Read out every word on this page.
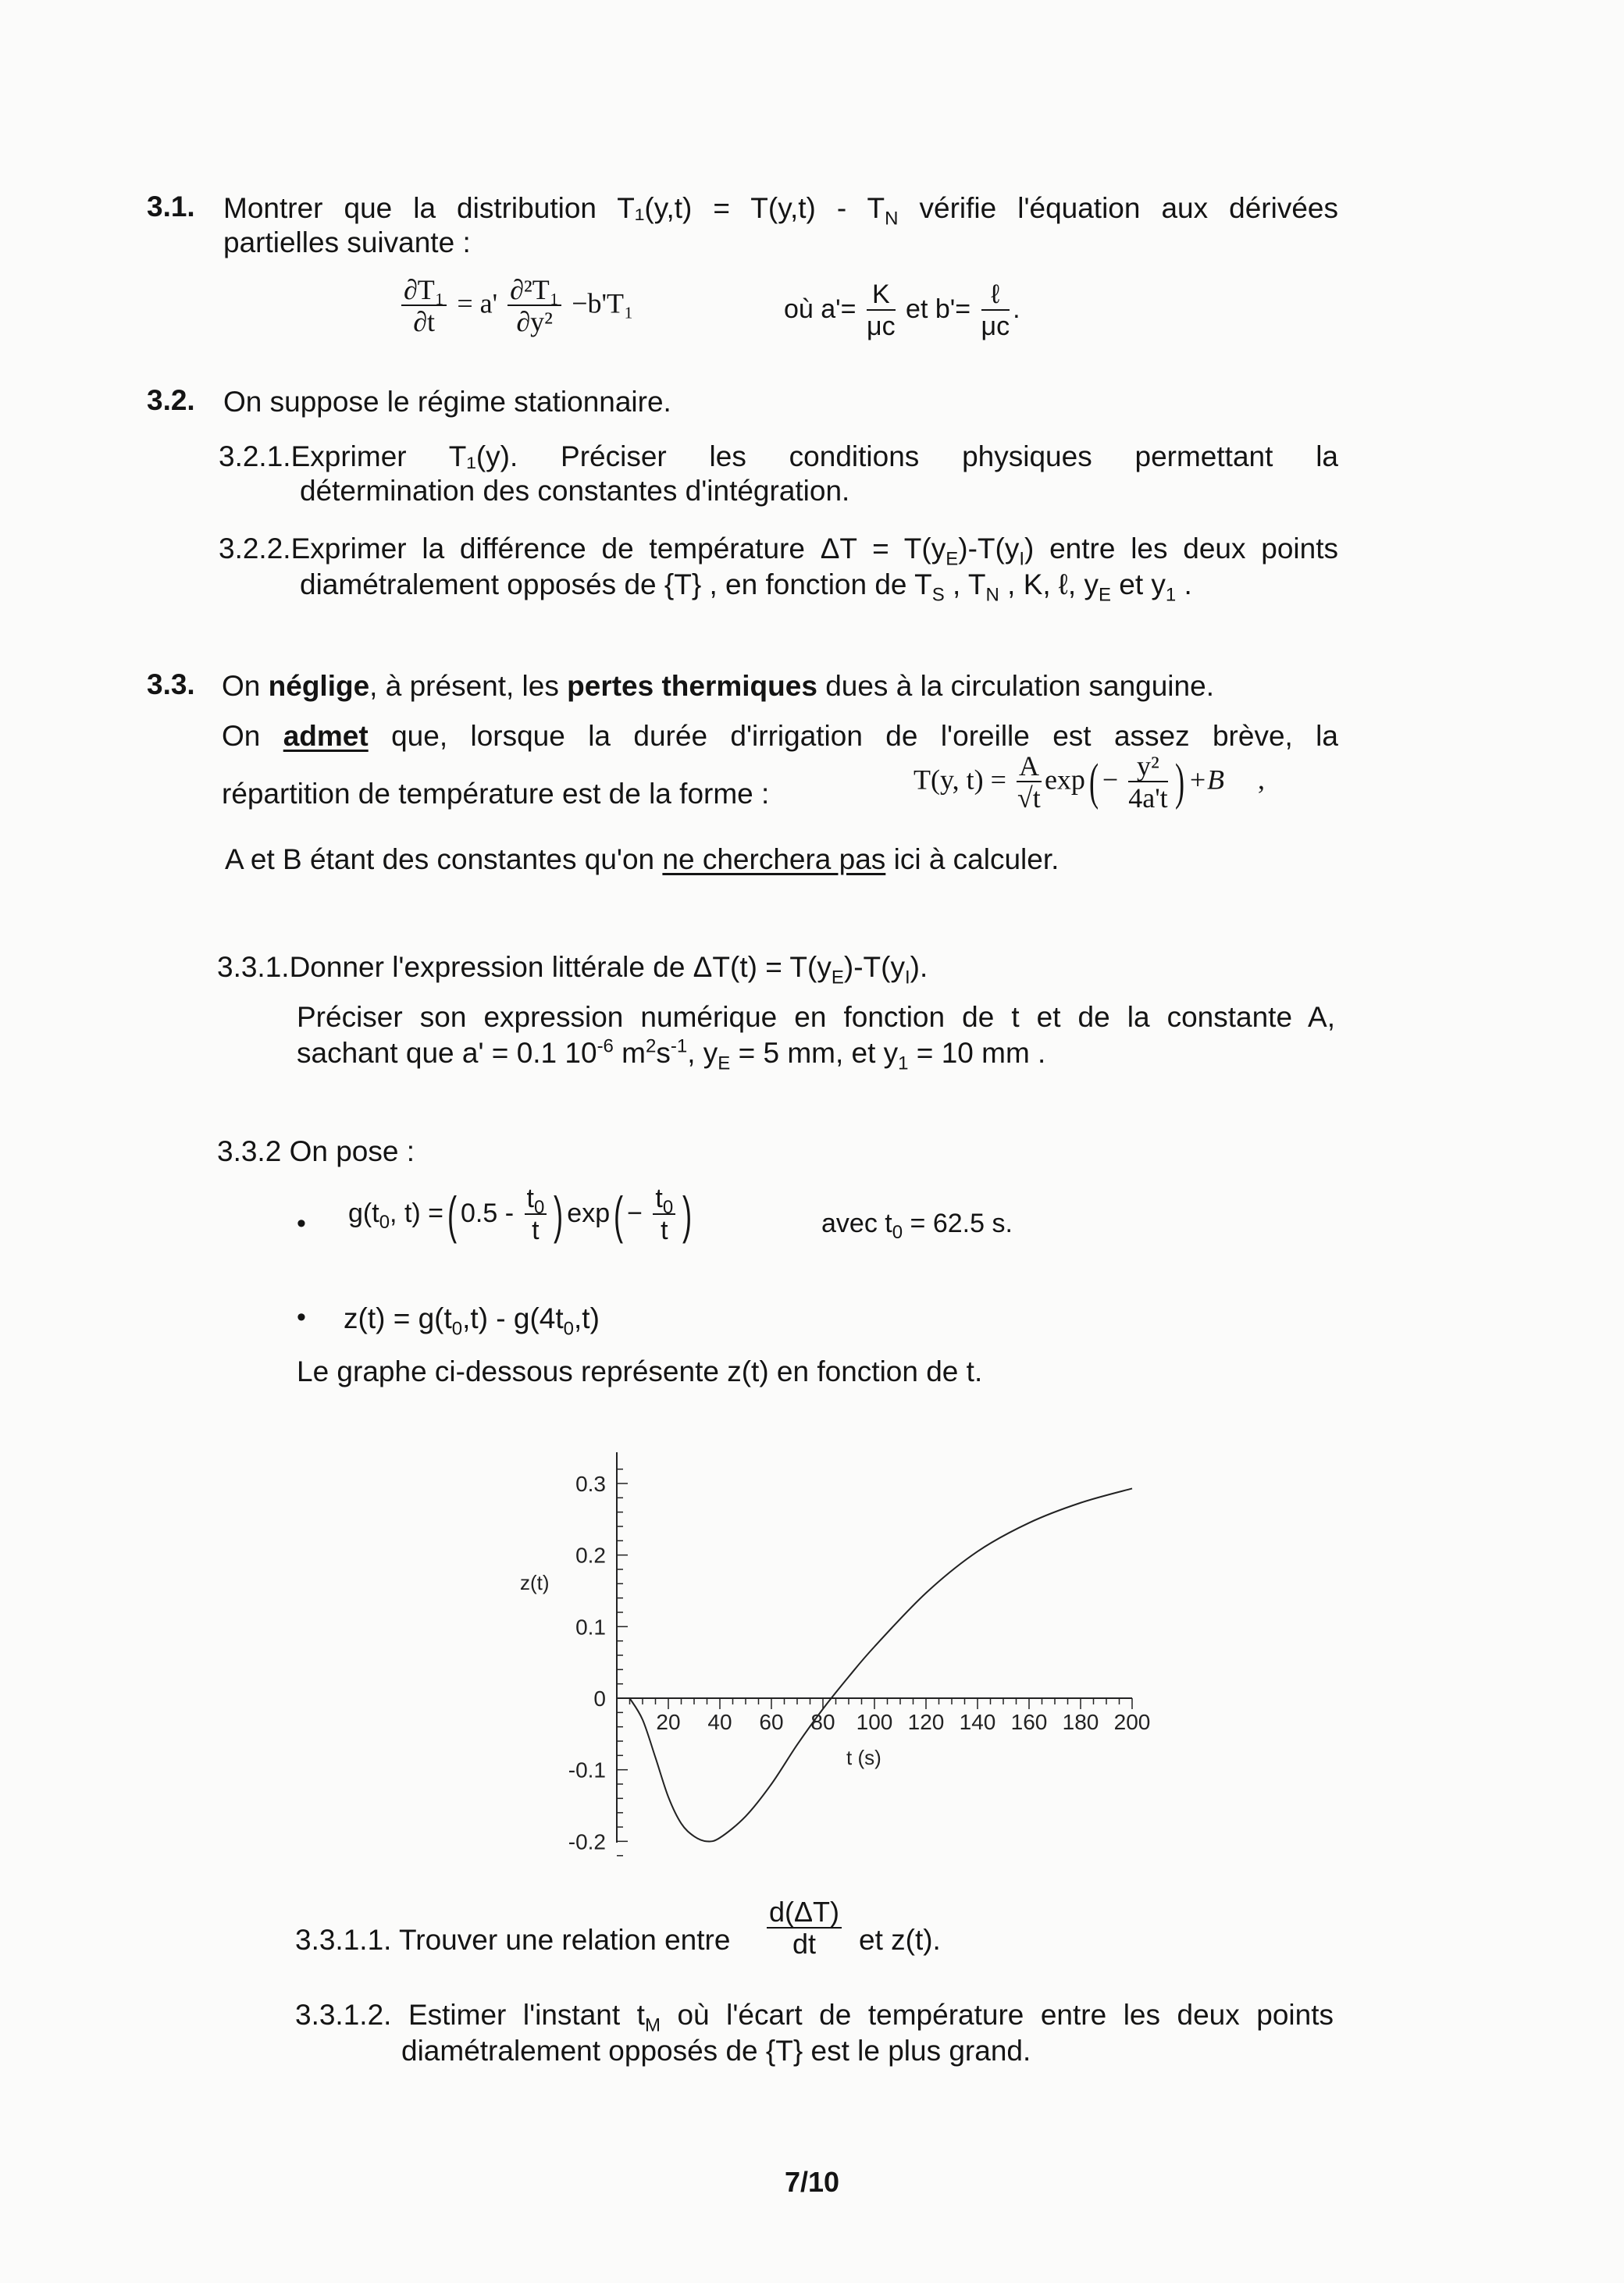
3.1. Montrer que la distribution $T_1(y,t) = T(y,t) - T_N$ vérifie l'équation aux dérivées
partielles suivante :
$\frac{\text{∂T₁}}{\partial t} = a' \frac{\text{∂²T₁}}{\text{∂y²}} -b'T_1$	où $a'= \frac{K}{\mu c}$ et $b'= \frac{\text{ℓ}}{\mu c}$ .
3.2. On suppose le régime stationnaire.
3.2.1.Exprimer T₁(y). Préciser les conditions physiques permettant la
détermination des constantes d'intégration.
3.2.2.Exprimer la différence de température $\Delta T = T(y_E)-T(y_I)$ entre les deux points
diamétralement opposés de {T} , en fonction de $T_S$ , $T_N$ , K, ℓ, $y_E$ et $y_1$ .
3.3. On néglige, à présent, les pertes thermiques dues à la circulation sanguine.
On admet que, lorsque la durée d'irrigation de l'oreille est assez brève, la
répartition de température est de la forme :	T(y, $t) = \frac{A}{√t} \exp( - \frac{\text{y²}}{4a't}$ ) +B ,
A et B étant des constantes qu'on ne cherchera pas ici à calculer.
3.3.1.Donner l'expression littérale de $\Delta T(t) = T(y_E)-T(y_I)$.
Préciser son expression numérique en fonction de t et de la constante A,
sachant que a' = 0.1 $10^{-6}$ $m^2s^{-1}$, $y_E = 5$ mm, et $y_1 = 10$ mm .
3.3.2 On pose :
• $g(t_0$, t) =( $0.5 - \frac{t_0}{t}$ ) $\exp( - \frac{t_0}{t}$ )	avec $t_0 = 62.5$ s.
• $z(t) = g(t_0,t) - g(4t_0,t)$
Le graphe ci-dessous représente z(t) en fonction de t.
20 40 60 80 100 120 140 160 180 200
0.3
0.2
0.1
0
-0.1
-0.2
z(t)
t (s)
3.3.1.1. Trouver une relation entre $\frac{d(\Delta T)}{dt}$ et z(t).
3.3.1.2. Estimer l'instant $t_M$ où l'écart de température entre les deux points
diamétralement opposés de {T} est le plus grand.
7/10
